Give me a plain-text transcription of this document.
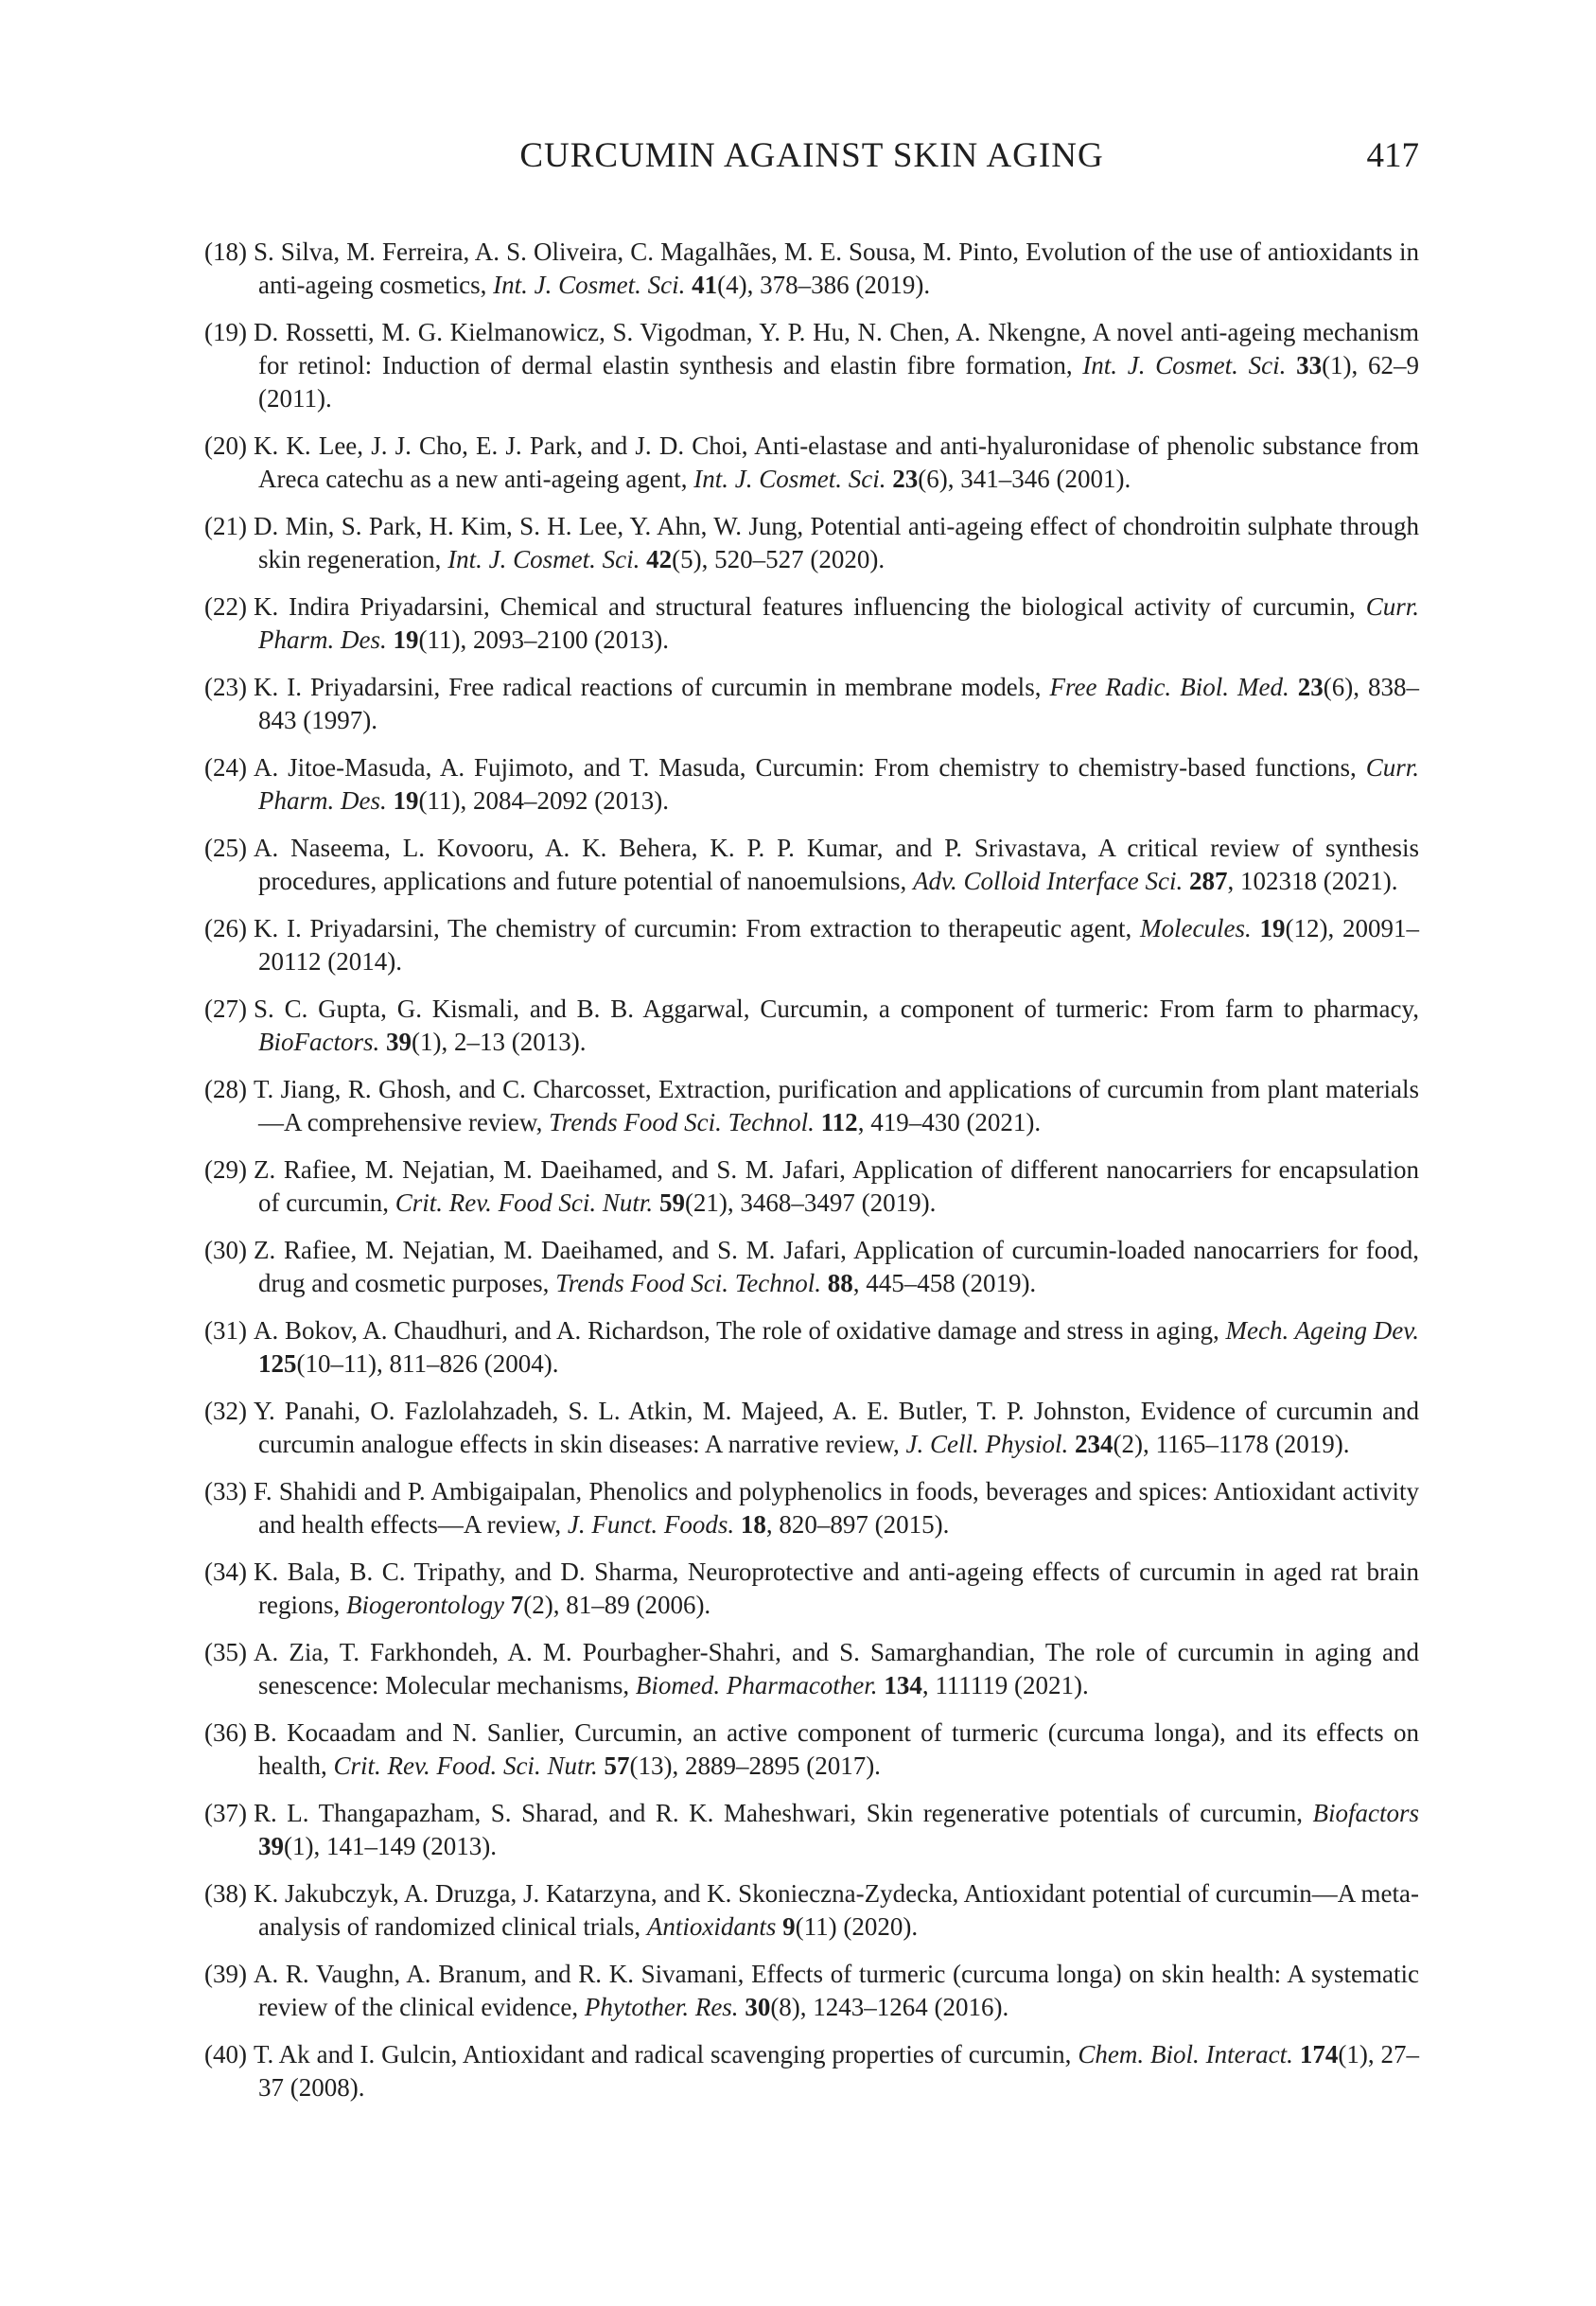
CURCUMIN AGAINST SKIN AGING	417

(18) S. Silva, M. Ferreira, A. S. Oliveira, C. Magalhães, M. E. Sousa, M. Pinto, Evolution of the use of antioxidants in anti-ageing cosmetics, Int. J. Cosmet. Sci. 41(4), 378–386 (2019).

(19) D. Rossetti, M. G. Kielmanowicz, S. Vigodman, Y. P. Hu, N. Chen, A. Nkengne, A novel anti-ageing mechanism for retinol: Induction of dermal elastin synthesis and elastin fibre formation, Int. J. Cosmet. Sci. 33(1), 62–9 (2011).

(20) K. K. Lee, J. J. Cho, E. J. Park, and J. D. Choi, Anti-elastase and anti-hyaluronidase of phenolic substance from Areca catechu as a new anti-ageing agent, Int. J. Cosmet. Sci. 23(6), 341–346 (2001).

(21) D. Min, S. Park, H. Kim, S. H. Lee, Y. Ahn, W. Jung, Potential anti-ageing effect of chondroitin sulphate through skin regeneration, Int. J. Cosmet. Sci. 42(5), 520–527 (2020).

(22) K. Indira Priyadarsini, Chemical and structural features influencing the biological activity of curcumin, Curr. Pharm. Des. 19(11), 2093–2100 (2013).

(23) K. I. Priyadarsini, Free radical reactions of curcumin in membrane models, Free Radic. Biol. Med. 23(6), 838–843 (1997).

(24) A. Jitoe-Masuda, A. Fujimoto, and T. Masuda, Curcumin: From chemistry to chemistry-based functions, Curr. Pharm. Des. 19(11), 2084–2092 (2013).

(25) A. Naseema, L. Kovooru, A. K. Behera, K. P. P. Kumar, and P. Srivastava, A critical review of synthesis procedures, applications and future potential of nanoemulsions, Adv. Colloid Interface Sci. 287, 102318 (2021).

(26) K. I. Priyadarsini, The chemistry of curcumin: From extraction to therapeutic agent, Molecules. 19(12), 20091–20112 (2014).

(27) S. C. Gupta, G. Kismali, and B. B. Aggarwal, Curcumin, a component of turmeric: From farm to pharmacy, BioFactors. 39(1), 2–13 (2013).

(28) T. Jiang, R. Ghosh, and C. Charcosset, Extraction, purification and applications of curcumin from plant materials—A comprehensive review, Trends Food Sci. Technol. 112, 419–430 (2021).

(29) Z. Rafiee, M. Nejatian, M. Daeihamed, and S. M. Jafari, Application of different nanocarriers for encapsulation of curcumin, Crit. Rev. Food Sci. Nutr. 59(21), 3468–3497 (2019).

(30) Z. Rafiee, M. Nejatian, M. Daeihamed, and S. M. Jafari, Application of curcumin-loaded nanocarriers for food, drug and cosmetic purposes, Trends Food Sci. Technol. 88, 445–458 (2019).

(31) A. Bokov, A. Chaudhuri, and A. Richardson, The role of oxidative damage and stress in aging, Mech. Ageing Dev. 125(10–11), 811–826 (2004).

(32) Y. Panahi, O. Fazlolahzadeh, S. L. Atkin, M. Majeed, A. E. Butler, T. P. Johnston, Evidence of curcumin and curcumin analogue effects in skin diseases: A narrative review, J. Cell. Physiol. 234(2), 1165–1178 (2019).

(33) F. Shahidi and P. Ambigaipalan, Phenolics and polyphenolics in foods, beverages and spices: Antioxidant activity and health effects—A review, J. Funct. Foods. 18, 820–897 (2015).

(34) K. Bala, B. C. Tripathy, and D. Sharma, Neuroprotective and anti-ageing effects of curcumin in aged rat brain regions, Biogerontology 7(2), 81–89 (2006).

(35) A. Zia, T. Farkhondeh, A. M. Pourbagher-Shahri, and S. Samarghandian, The role of curcumin in aging and senescence: Molecular mechanisms, Biomed. Pharmacother. 134, 111119 (2021).

(36) B. Kocaadam and N. Sanlier, Curcumin, an active component of turmeric (curcuma longa), and its effects on health, Crit. Rev. Food. Sci. Nutr. 57(13), 2889–2895 (2017).

(37) R. L. Thangapazham, S. Sharad, and R. K. Maheshwari, Skin regenerative potentials of curcumin, Biofactors 39(1), 141–149 (2013).

(38) K. Jakubczyk, A. Druzga, J. Katarzyna, and K. Skonieczna-Zydecka, Antioxidant potential of curcumin—A meta-analysis of randomized clinical trials, Antioxidants 9(11) (2020).

(39) A. R. Vaughn, A. Branum, and R. K. Sivamani, Effects of turmeric (curcuma longa) on skin health: A systematic review of the clinical evidence, Phytother. Res. 30(8), 1243–1264 (2016).

(40) T. Ak and I. Gulcin, Antioxidant and radical scavenging properties of curcumin, Chem. Biol. Interact. 174(1), 27–37 (2008).
